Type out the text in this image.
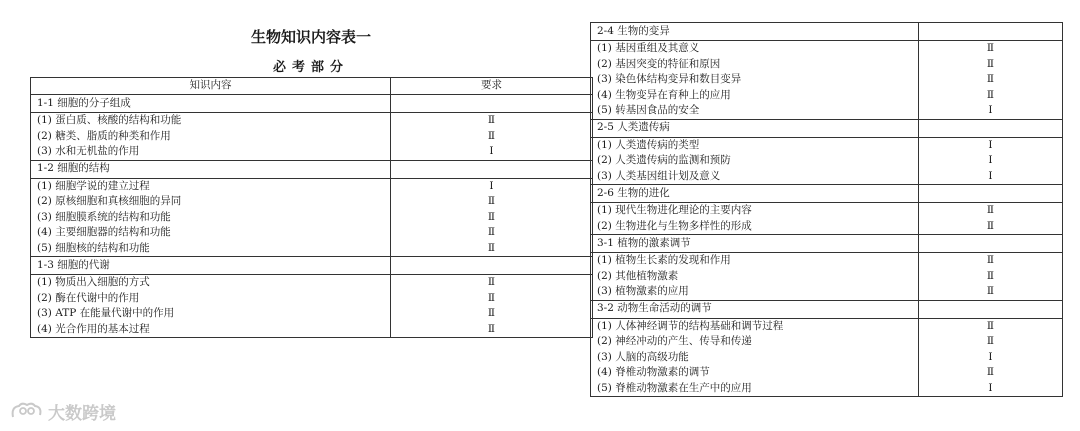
生物知识内容表一
必考部分
知识内容	要求
1-1 细胞的分子组成	
(1) 蛋白质、核酸的结构和功能	Ⅱ
(2) 糖类、脂质的种类和作用	Ⅱ
(3) 水和无机盐的作用	Ⅰ
1-2 细胞的结构	
(1) 细胞学说的建立过程	Ⅰ
(2) 原核细胞和真核细胞的异同	Ⅱ
(3) 细胞膜系统的结构和功能	Ⅱ
(4) 主要细胞器的结构和功能	Ⅱ
(5) 细胞核的结构和功能	Ⅱ
1-3 细胞的代谢	
(1) 物质出入细胞的方式	Ⅱ
(2) 酶在代谢中的作用	Ⅱ
(3) ATP 在能量代谢中的作用	Ⅱ
(4) 光合作用的基本过程	Ⅱ
2-4 生物的变异	
(1) 基因重组及其意义	Ⅱ
(2) 基因突变的特征和原因	Ⅱ
(3) 染色体结构变异和数目变异	Ⅱ
(4) 生物变异在育种上的应用	Ⅱ
(5) 转基因食品的安全	Ⅰ
2-5 人类遗传病	
(1) 人类遗传病的类型	Ⅰ
(2) 人类遗传病的监测和预防	Ⅰ
(3) 人类基因组计划及意义	Ⅰ
2-6 生物的进化	
(1) 现代生物进化理论的主要内容	Ⅱ
(2) 生物进化与生物多样性的形成	Ⅱ
3-1 植物的激素调节	
(1) 植物生长素的发现和作用	Ⅱ
(2) 其他植物激素	Ⅱ
(3) 植物激素的应用	Ⅱ
3-2 动物生命活动的调节	
(1) 人体神经调节的结构基础和调节过程	Ⅱ
(2) 神经冲动的产生、传导和传递	Ⅱ
(3) 人脑的高级功能	Ⅰ
(4) 脊椎动物激素的调节	Ⅱ
(5) 脊椎动物激素在生产中的应用	Ⅰ
大数跨境
